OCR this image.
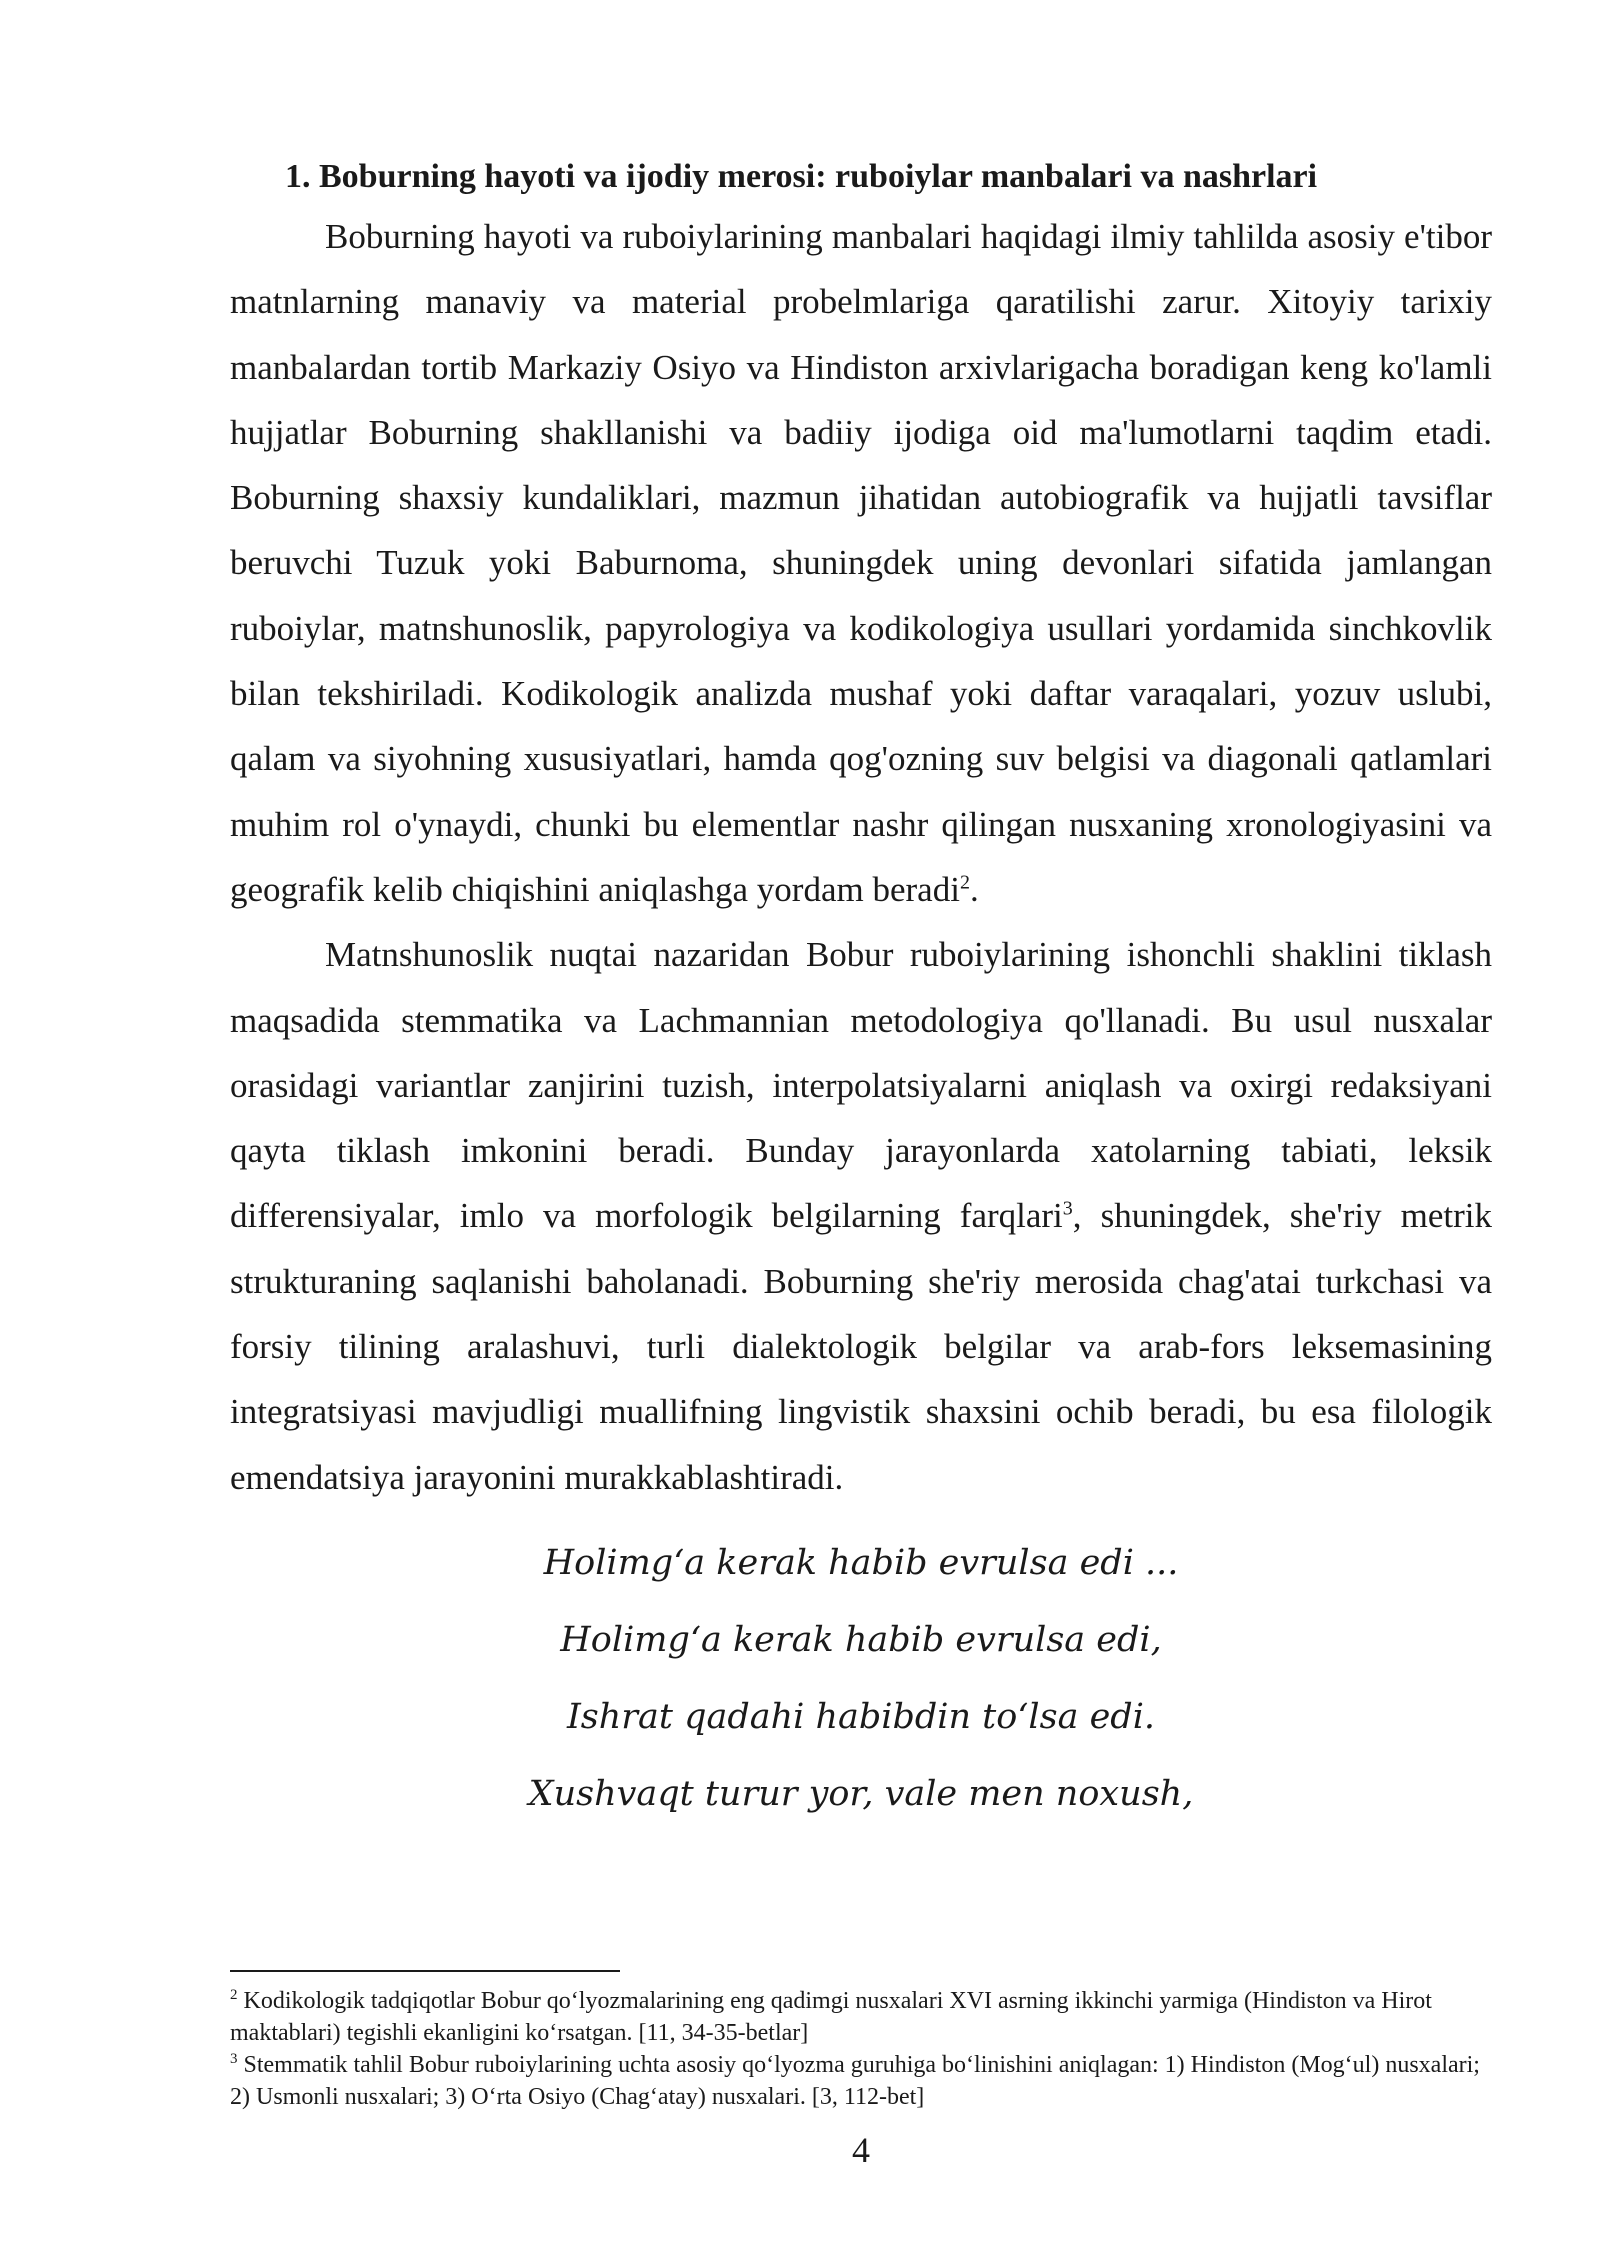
1. Boburning hayoti va ijodiy merosi: ruboiylar manbalari va nashrlari

Boburning hayoti va ruboiylarining manbalari haqidagi ilmiy tahlilda asosiy e'tibor matnlarning manaviy va material probelmlariga qaratilishi zarur. Xitoyiy tarixiy manbalardan tortib Markaziy Osiyo va Hindiston arxivlarigacha boradigan keng ko'lamli hujjatlar Boburning shakllanishi va badiiy ijodiga oid ma'lumotlarni taqdim etadi. Boburning shaxsiy kundaliklari, mazmun jihatidan autobiografik va hujjatli tavsiflar beruvchi Tuzuk yoki Baburnoma, shuningdek uning devonlari sifatida jamlangan ruboiylar, matnshunoslik, papyrologiya va kodikologiya usullari yordamida sinchkovlik bilan tekshiriladi. Kodikologik analizda mushaf yoki daftar varaqalari, yozuv uslubi, qalam va siyohning xususiyatlari, hamda qog'ozning suv belgisi va diagonali qatlamlari muhim rol o'ynaydi, chunki bu elementlar nashr qilingan nusxaning xronologiyasini va geografik kelib chiqishini aniqlashga yordam beradi$^2$.

Matnshunoslik nuqtai nazaridan Bobur ruboiylarining ishonchli shaklini tiklash maqsadida stemmatika va Lachmannian metodologiya qo'llanadi. Bu usul nusxalar orasidagi variantlar zanjirini tuzish, interpolatsiyalarni aniqlash va oxirgi redaksiyani qayta tiklash imkonini beradi. Bunday jarayonlarda xatolarning tabiati, leksik differensiyalar, imlo va morfologik belgilarning farqlari$^3$, shuningdek, she'riy metrik strukturaning saqlanishi baholanadi. Boburning she'riy merosida chag'atai turkchasi va forsiy tilining aralashuvi, turli dialektologik belgilar va arab-fors leksemasining integratsiyasi mavjudligi muallifning lingvistik shaxsini ochib beradi, bu esa filologik emendatsiya jarayonini murakkablashtiradi.

Holimg‘a kerak habib evrulsa edi ...
Holimg‘a kerak habib evrulsa edi,
Ishrat qadahi habibdin to‘lsa edi.
Xushvaqt turur yor, vale men noxush,

$^2$ Kodikologik tadqiqotlar Bobur qo‘lyozmalarining eng qadimgi nusxalari XVI asrning ikkinchi yarmiga (Hindiston va Hirot maktablari) tegishli ekanligini ko‘rsatgan. [11, 34-35-betlar]

$^3$ Stemmatik tahlil Bobur ruboiylarining uchta asosiy qo‘lyozma guruhiga bo‘linishini aniqlagan: 1) Hindiston (Mog‘ul) nusxalari; 2) Usmonli nusxalari; 3) O‘rta Osiyo (Chag‘atay) nusxalari. [3, 112-bet]

4
